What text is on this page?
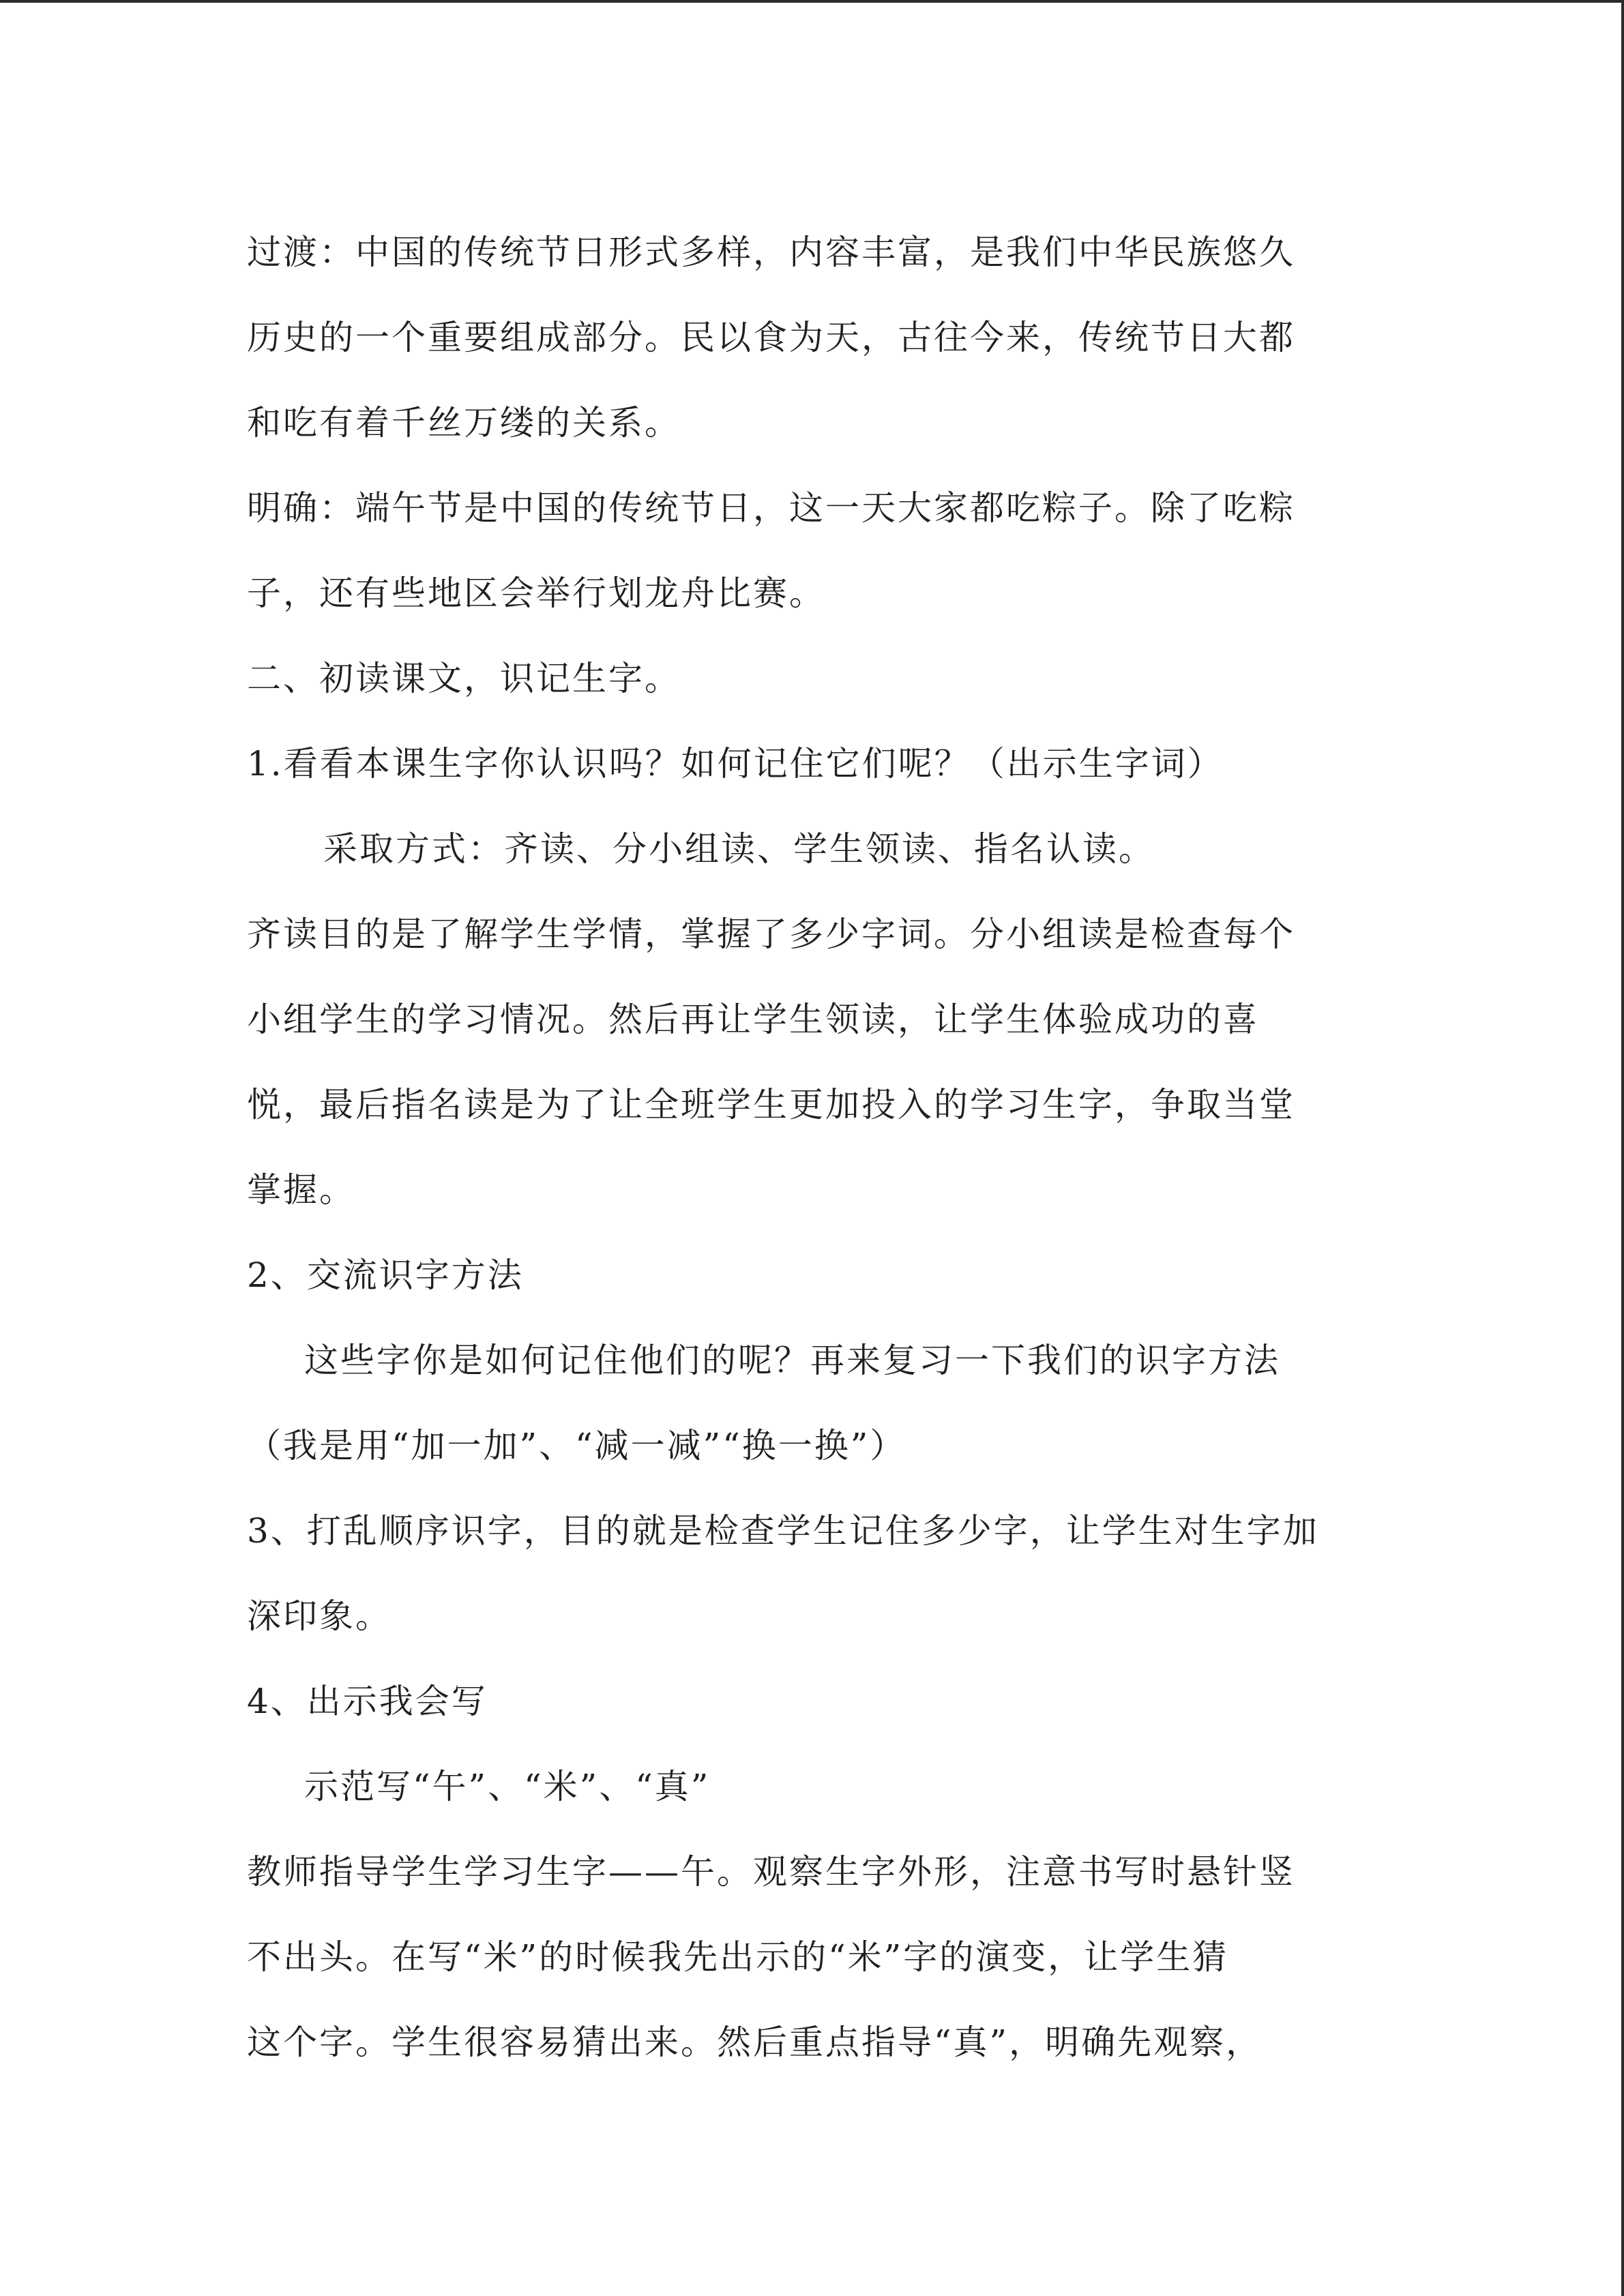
过渡：中国的传统节日形式多样，内容丰富，是我们中华民族悠久
历史的一个重要组成部分。民以食为天，古往今来，传统节日大都
和吃有着千丝万缕的关系。
明确：端午节是中国的传统节日，这一天大家都吃粽子。除了吃粽
子，还有些地区会举行划龙舟比赛。
二、初读课文，识记生字。
1.看看本课生字你认识吗？如何记住它们呢？（出示生字词）
采取方式：齐读、分小组读、学生领读、指名认读。
齐读目的是了解学生学情，掌握了多少字词。分小组读是检查每个
小组学生的学习情况。然后再让学生领读，让学生体验成功的喜
悦，最后指名读是为了让全班学生更加投入的学习生字，争取当堂
掌握。
2、交流识字方法
这些字你是如何记住他们的呢？再来复习一下我们的识字方法
（我是用“加一加”、“减一减”“换一换”）
3、打乱顺序识字，目的就是检查学生记住多少字，让学生对生字加
深印象。
4、出示我会写
示范写“午”、“米”、“真”
教师指导学生学习生字——午。观察生字外形，注意书写时悬针竖
不出头。在写“米”的时候我先出示的“米”字的演变，让学生猜
这个字。学生很容易猜出来。然后重点指导“真”，明确先观察，
